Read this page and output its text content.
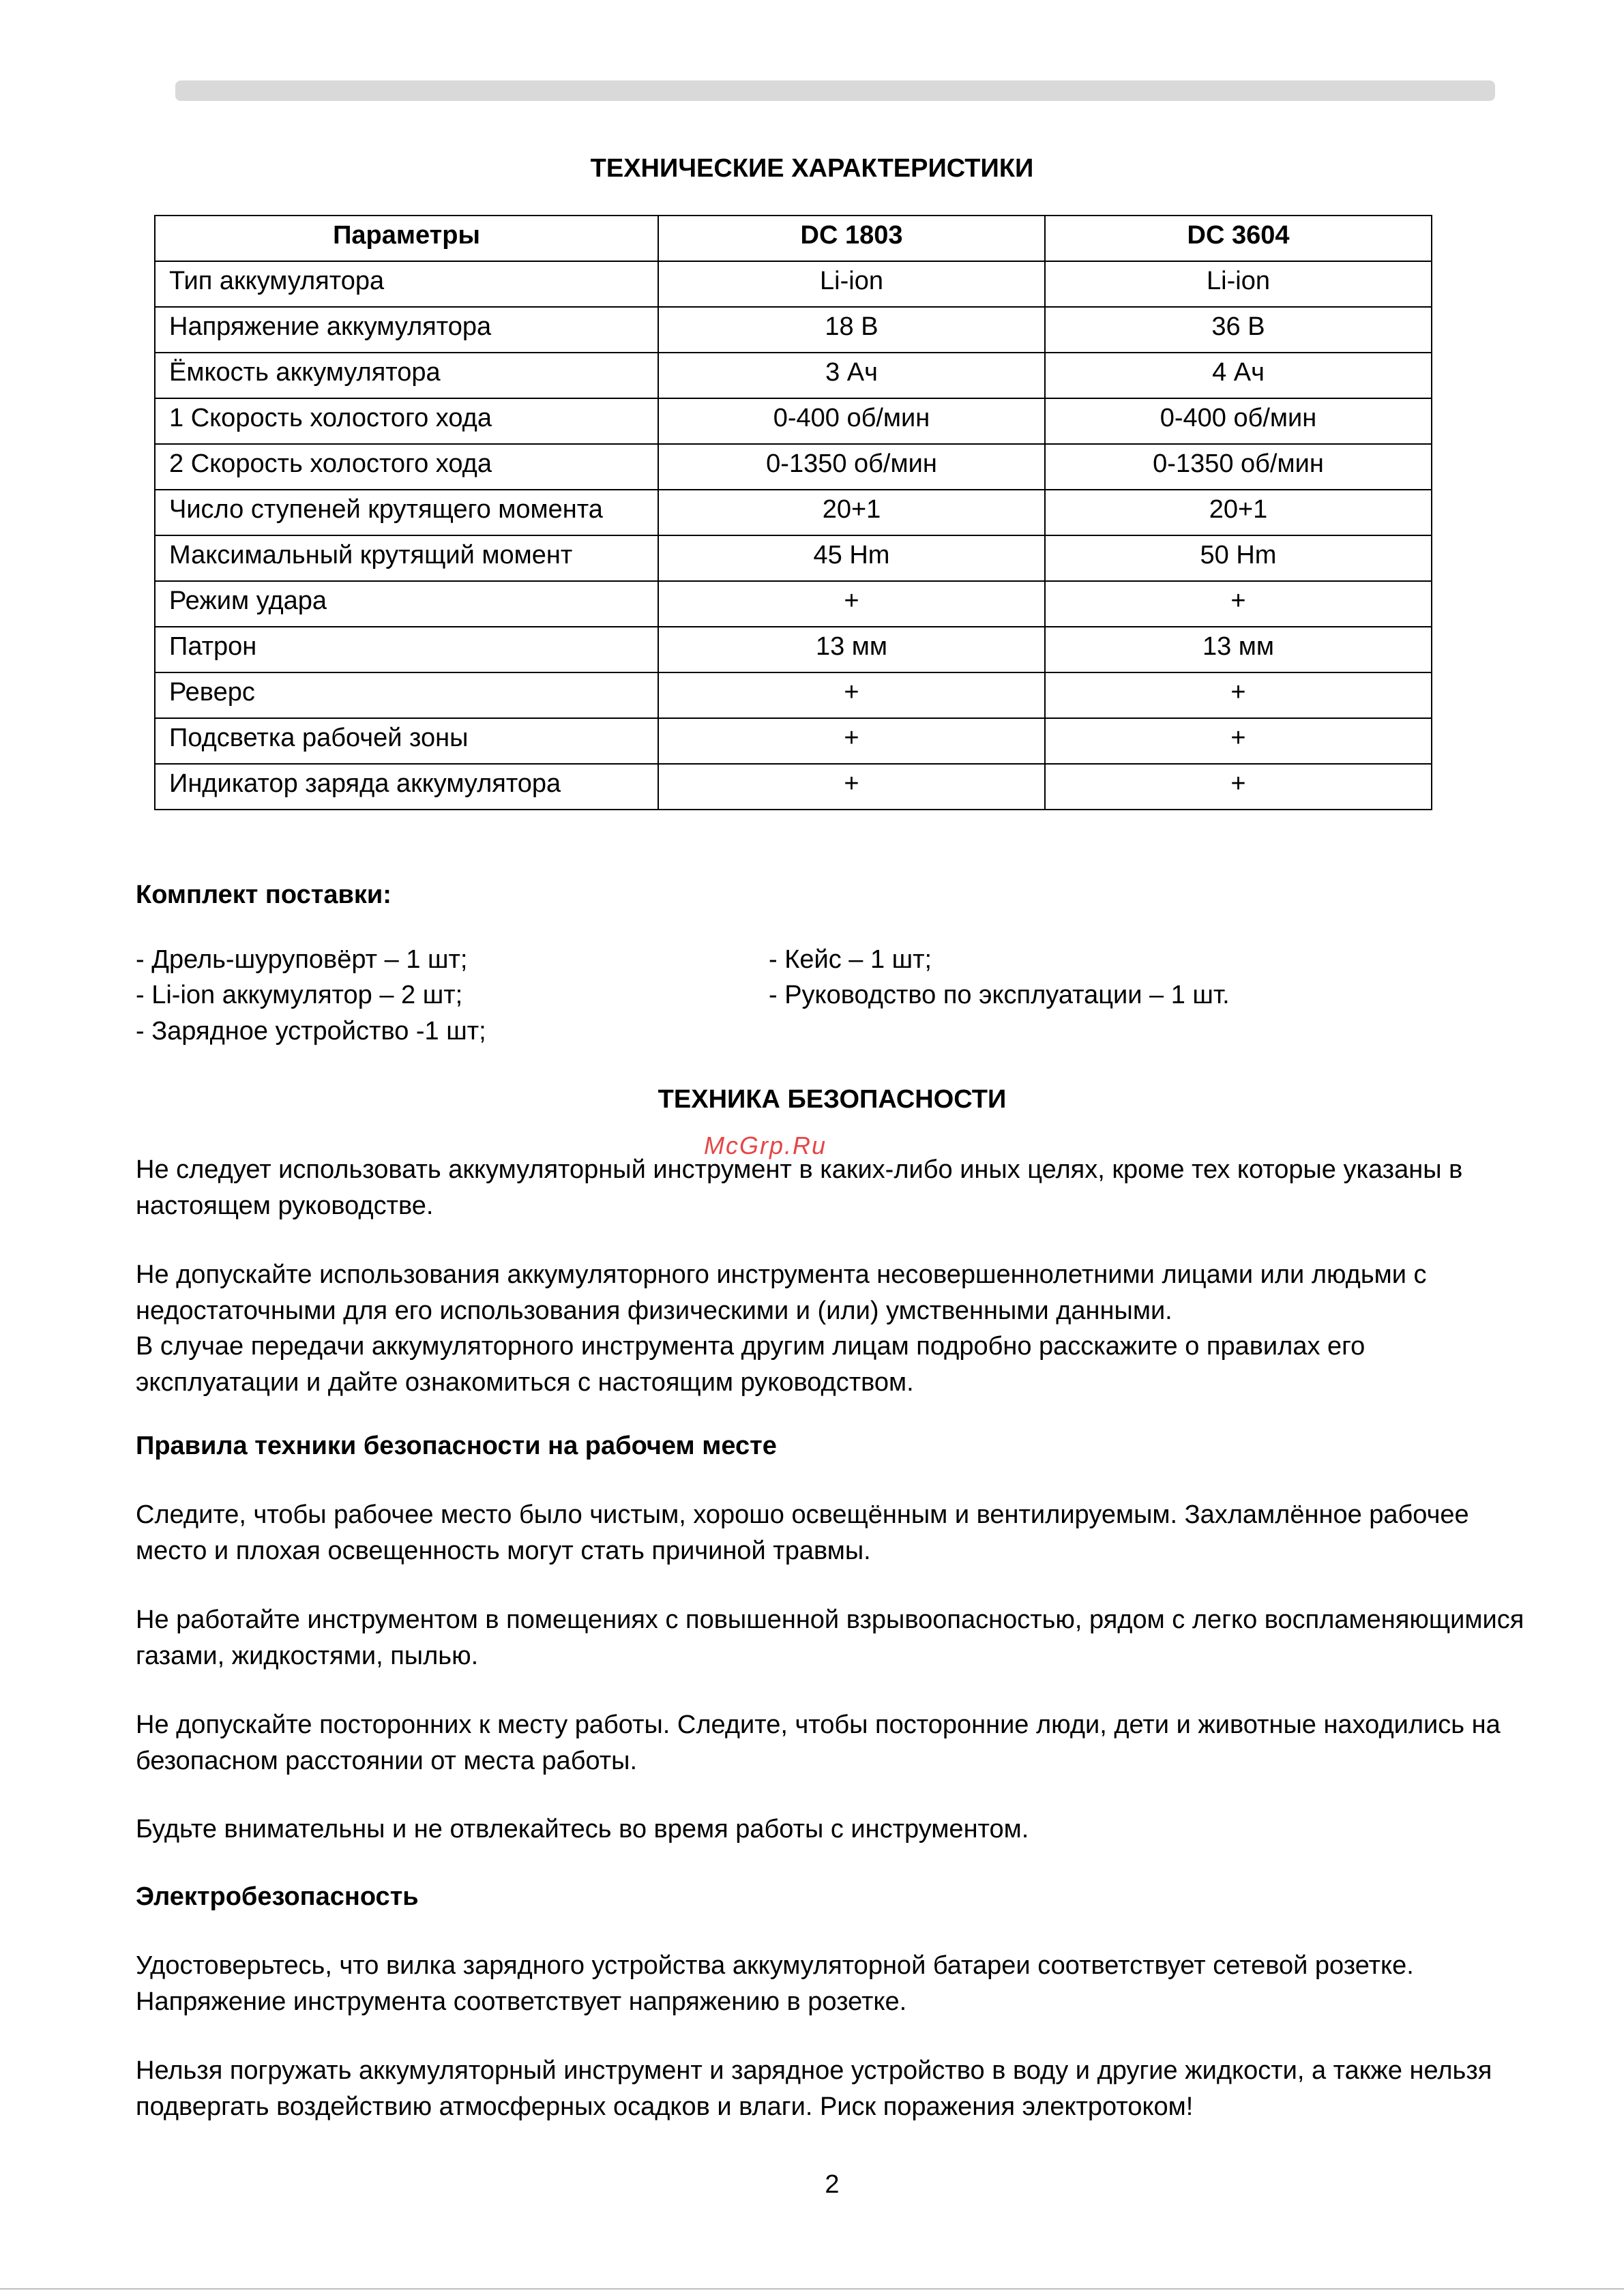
ТЕХНИЧЕСКИЕ ХАРАКТЕРИСТИКИ
Параметры	DC 1803	DC 3604
Тип аккумулятора	Li-ion	Li-ion
Напряжение аккумулятора	18 В	36 В
Ёмкость аккумулятора	3 Ач	4 Ач
1 Скорость холостого хода	0-400 об/мин	0-400 об/мин
2 Скорость холостого хода	0-1350 об/мин	0-1350 об/мин
Число ступеней крутящего момента	20+1	20+1
Максимальный крутящий момент	45 Нm	50 Нm
Режим удара	+	+
Патрон	13 мм	13 мм
Реверс	+	+
Подсветка рабочей зоны	+	+
Индикатор заряда аккумулятора	+	+
Комплект поставки:
- Дрель-шуруповёрт – 1 шт;
- Li-ion аккумулятор – 2 шт;
- Зарядное устройство -1 шт;
- Кейс – 1 шт;
- Руководство по эксплуатации – 1 шт.
ТЕХНИКА БЕЗОПАСНОСТИ
McGrp.Ru
Не следует использовать аккумуляторный инструмент в каких-либо иных целях, кроме тех которые указаны в настоящем руководстве.
Не допускайте использования аккумуляторного инструмента несовершеннолетними лицами или людьми с недостаточными для его использования физическими и (или) умственными данными.
В случае передачи аккумуляторного инструмента другим лицам подробно расскажите о правилах его эксплуатации и дайте ознакомиться с настоящим руководством.
Правила техники безопасности на рабочем месте
Следите, чтобы рабочее место было чистым, хорошо освещённым и вентилируемым. Захламлённое рабочее место и плохая освещенность могут стать причиной травмы.
Не работайте инструментом в помещениях с повышенной взрывоопасностью, рядом с легко воспламеняющимися газами, жидкостями, пылью.
Не допускайте посторонних к месту работы. Следите, чтобы посторонние люди, дети и животные находились на безопасном расстоянии от места работы.
Будьте внимательны и не отвлекайтесь во время работы с инструментом.
Электробезопасность
Удостоверьтесь, что вилка зарядного устройства аккумуляторной батареи соответствует сетевой розетке. Напряжение инструмента соответствует напряжению в розетке.
Нельзя погружать аккумуляторный инструмент и зарядное устройство в воду и другие жидкости, а также нельзя подвергать воздействию атмосферных осадков и влаги. Риск поражения электротоком!
2
